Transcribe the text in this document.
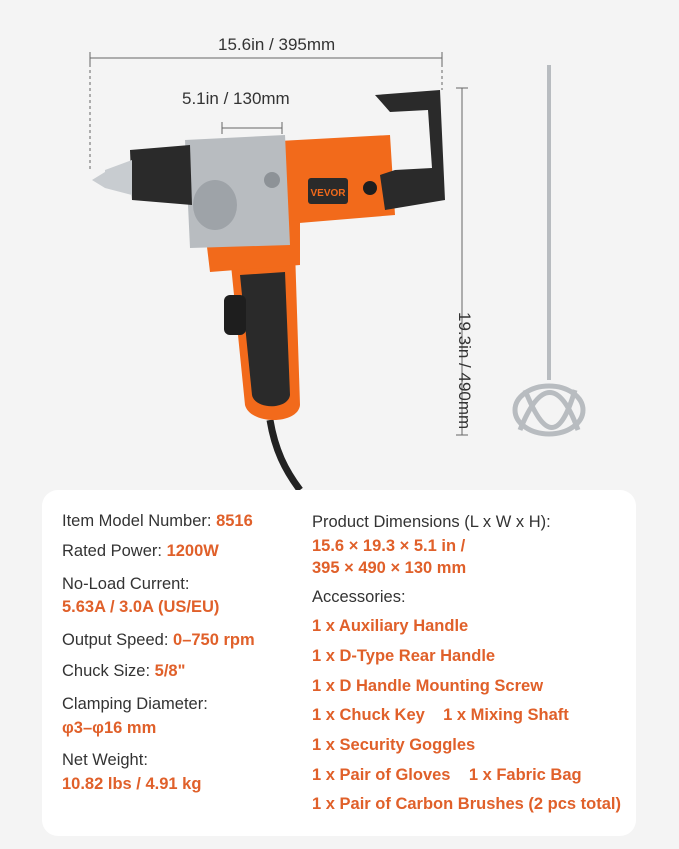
VEVOR
15.6in / 395mm
5.1in / 130mm
19.3in / 490mm
Item Model Number: 8516
Rated Power: 1200W
No-Load Current:
5.63A / 3.0A (US/EU)
Output Speed: 0–750 rpm
Chuck Size: 5/8"
Clamping Diameter:
φ3–φ16 mm
Net Weight:
10.82 lbs / 4.91 kg
Product Dimensions (L x W x H):
15.6 × 19.3 × 5.1 in /
395 × 490 × 130 mm
Accessories:
1 x Auxiliary Handle
1 x D-Type Rear Handle
1 x D Handle Mounting Screw
1 x Chuck Key    1 x Mixing Shaft
1 x Security Goggles
1 x Pair of Gloves    1 x Fabric Bag
1 x Pair of Carbon Brushes (2 pcs total)
